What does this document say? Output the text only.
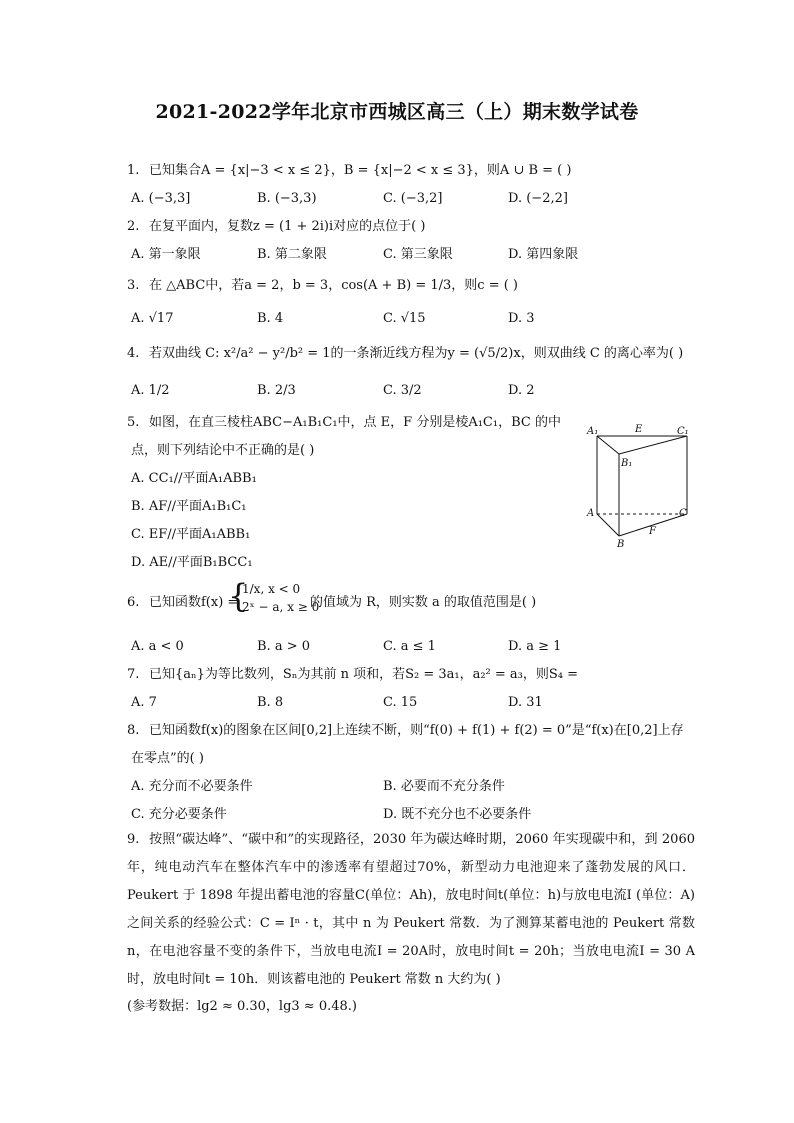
2021-2022学年北京市西城区高三（上）期末数学试卷
1. 已知集合A = {x|−3 < x ≤ 2}，B = {x|−2 < x ≤ 3}，则A ∪ B = ( )
A. (−3,3]	B. (−3,3)	C. (−3,2]	D. (−2,2]
2. 在复平面内，复数z = (1 + 2i)i对应的点位于( )
A. 第一象限	B. 第二象限	C. 第三象限	D. 第四象限
3. 在 △ABC中，若a = 2，b = 3，cos(A + B) = 1/3，则c = ( )
A. √17	B. 4	C. √15	D. 3
4. 若双曲线 C: x²/a² − y²/b² = 1的一条渐近线方程为y = (√5/2)x，则双曲线 C 的离心率为( )
A. 1/2	B. 2/3	C. 3/2	D. 2
5. 如图，在直三棱柱ABC−A₁B₁C₁中，点 E，F 分别是棱A₁C₁，BC 的中
点，则下列结论中不正确的是( )
A. CC₁//平面A₁ABB₁
B. AF//平面A₁B₁C₁
C. EF//平面A₁ABB₁
D. AE//平面B₁BCC₁
A₁	E	C₁
B₁
A	C
B
F
6. 已知函数f(x) =
{
1/x, x < 0
2ˣ − a, x ≥ 0
的值域为 R，则实数 a 的取值范围是( )
A. a < 0	B. a > 0	C. a ≤ 1	D. a ≥ 1
7. 已知{aₙ}为等比数列，Sₙ为其前 n 项和，若S₂ = 3a₁，a₂² = a₃，则S₄ =
A. 7	B. 8	C. 15	D. 31
8. 已知函数f(x)的图象在区间[0,2]上连续不断，则“f(0) + f(1) + f(2) = 0”是“f(x)在[0,2]上存
在零点”的( )
A. 充分而不必要条件	B. 必要而不充分条件
C. 充分必要条件	D. 既不充分也不必要条件
9. 按照“碳达峰”、“碳中和”的实现路径，2030 年为碳达峰时期，2060 年实现碳中和，到 2060 年，纯电动汽车在整体汽车中的渗透率有望超过70%，新型动力电池迎来了蓬勃发展的风口．Peukert 于 1898 年提出蓄电池的容量C(单位：Ah)，放电时间t(单位：h)与放电电流I (单位：A)之间关系的经验公式：C = Iⁿ · t，其中 n 为 Peukert 常数．为了测算某蓄电池的 Peukert 常数 n，在电池容量不变的条件下，当放电电流I = 20A时，放电时间t = 20h；当放电电流I = 30 A时，放电时间t = 10h．则该蓄电池的 Peukert 常数 n 大约为( )
(参考数据：lg2 ≈ 0.30，lg3 ≈ 0.48.)
